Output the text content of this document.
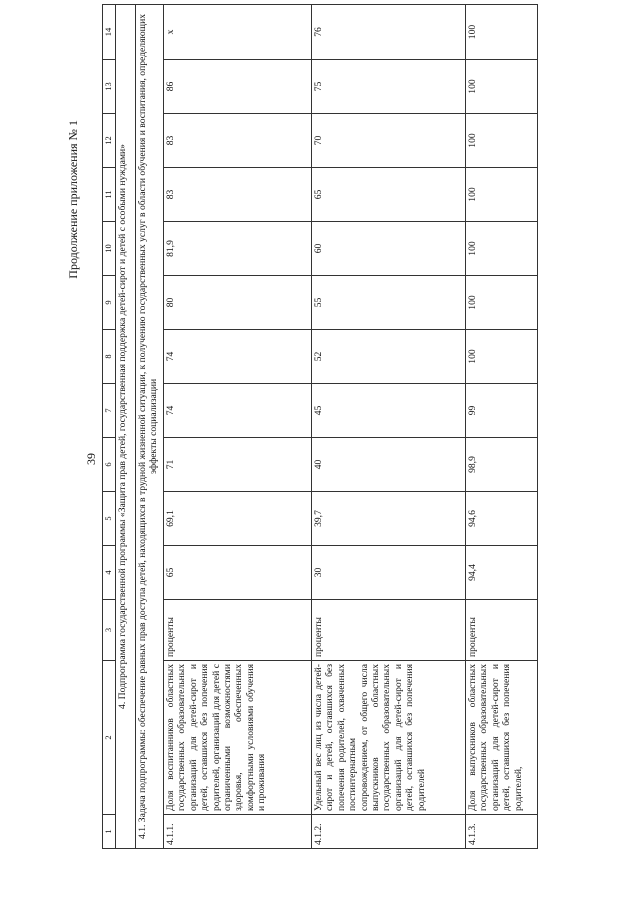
39
Продолжение приложения № 1
1	2	3	4	5	6	7	8	9	10	11	12	13	14
4. Подпрограмма государственной программы «Защита прав детей, государственная поддержка детей-сирот и детей с особыми нуждами»													
4.1. Задача подпрограммы: обеспечение равных прав доступа детей, находящихся в трудной жизненной ситуации, к получению государственных услуг в области обучения и воспитания, определяющих эффекты социализации													
4.1.1.	Доля воспитанников областных государственных образовательных организаций для детей-сирот и детей, оставшихся без попечения родителей, организаций для детей с ограниченными возможностями здоровья, обеспеченных комфортными условиями обучения и проживания	проценты	65	69,1	71	74	74	80	81,9	83	83	86	x
4.1.2.	Удельный вес лиц из числа детей-сирот и детей, оставшихся без попечения родителей, охваченных постинтернатным сопровождением, от общего числа выпускников областных государственных образовательных организаций для детей-сирот и детей, оставшихся без попечения родителей	проценты	30	39,7	40	45	52	55	60	65	70	75	76
4.1.3.	Доля выпускников областных государственных образовательных организаций для детей-сирот и детей, оставшихся без попечения родителей,	проценты	94,4	94,6	98,9	99	100	100	100	100	100	100	100
